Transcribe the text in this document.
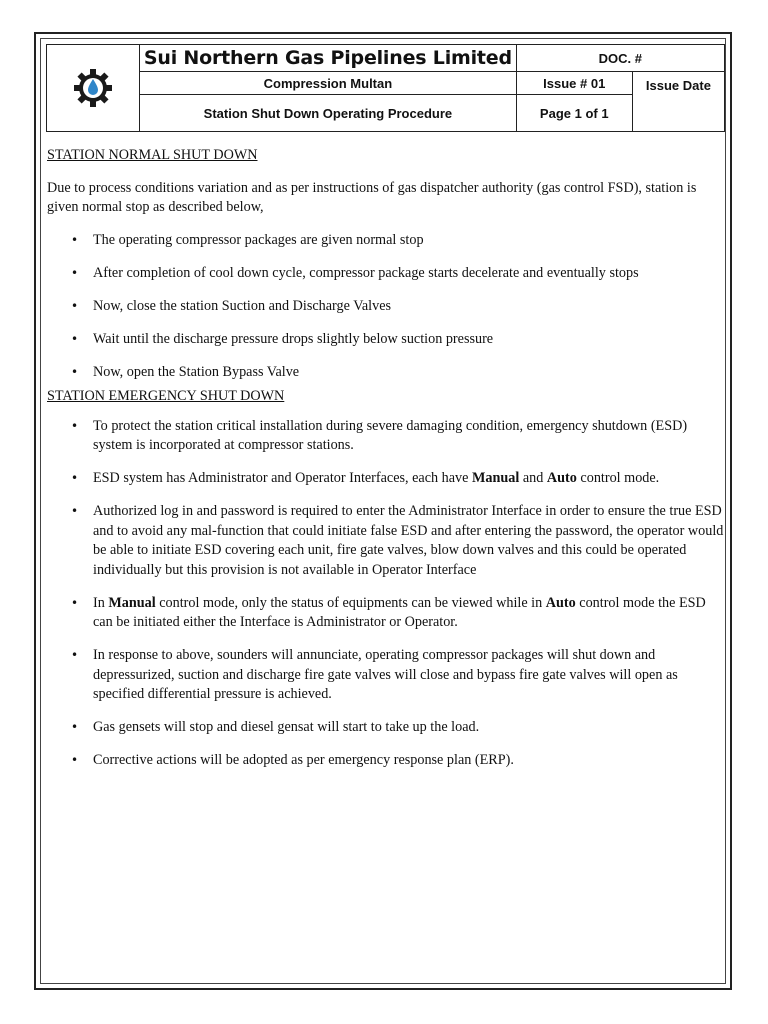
	Sui Northern Gas Pipelines Limited	DOC. #	
	Compression Multan	Issue # 01	Issue Date
	Station Shut Down Operating Procedure	Page 1 of 1	

STATION NORMAL SHUT DOWN

Due to process conditions variation and as per instructions of gas dispatcher authority (gas control FSD), station is given normal stop as described below,

• The operating compressor packages are given normal stop
• After completion of cool down cycle, compressor package starts decelerate and eventually stops
• Now, close the station Suction and Discharge Valves
• Wait until the discharge pressure drops slightly below suction pressure
• Now, open the Station Bypass Valve

STATION EMERGENCY SHUT DOWN

• To protect the station critical installation during severe damaging condition, emergency shutdown (ESD) system is incorporated at compressor stations.
• ESD system has Administrator and Operator Interfaces, each have Manual and Auto control mode.
• Authorized log in and password is required to enter the Administrator Interface in order to ensure the true ESD and to avoid any mal-function that could initiate false ESD and after entering the password, the operator would be able to initiate ESD covering each unit, fire gate valves, blow down valves and this could be operated individually but this provision is not available in Operator Interface
• In Manual control mode, only the status of equipments can be viewed while in Auto control mode the ESD can be initiated either the Interface is Administrator or Operator.
• In response to above, sounders will annunciate, operating compressor packages will shut down and depressurized, suction and discharge fire gate valves will close and bypass fire gate valves will open as specified differential pressure is achieved.
• Gas gensets will stop and diesel gensat will start to take up the load.
• Corrective actions will be adopted as per emergency response plan (ERP).
